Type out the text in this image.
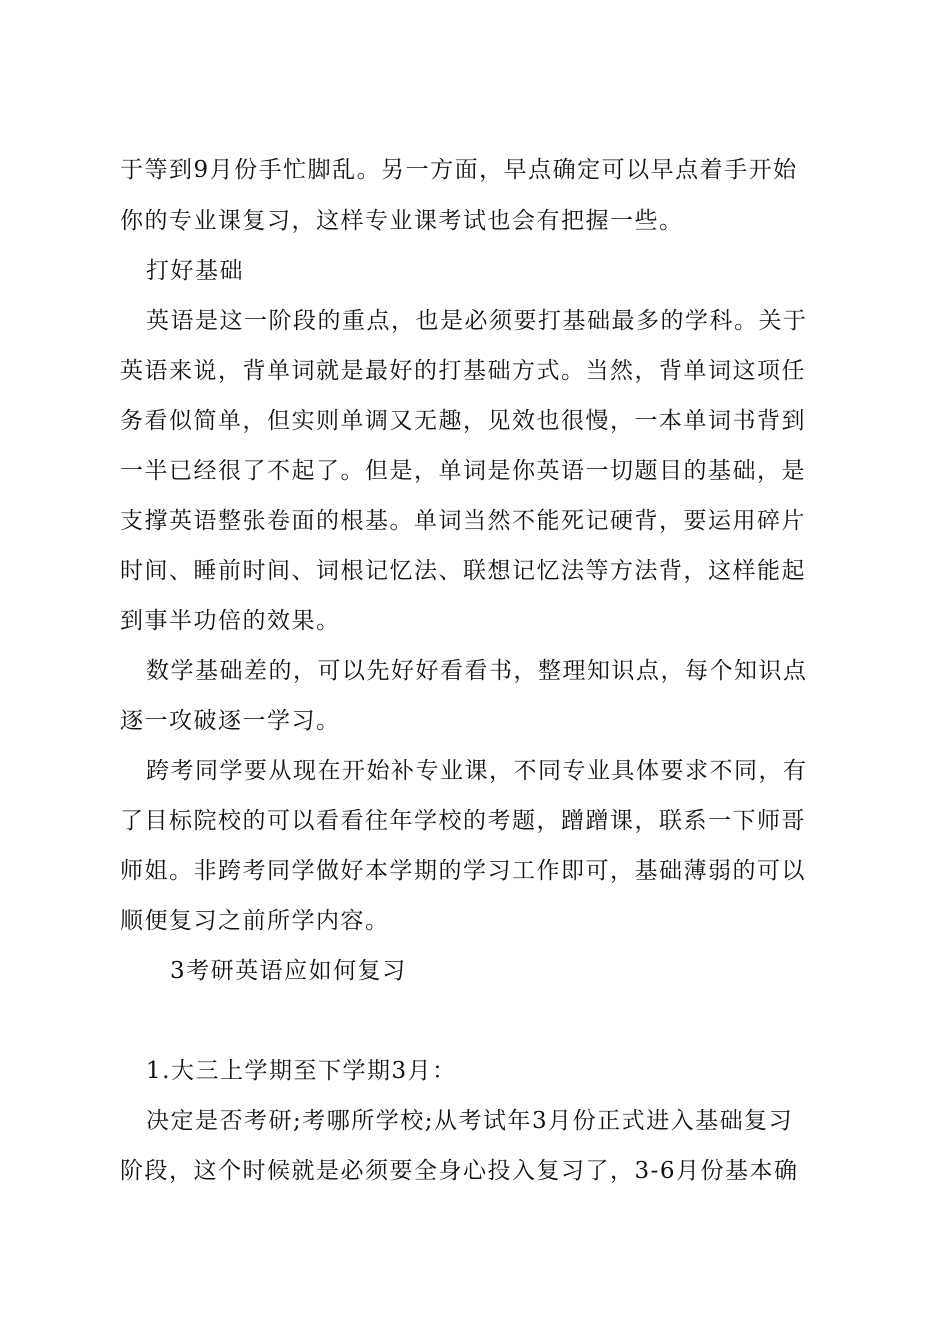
于等到9月份手忙脚乱。另一方面，早点确定可以早点着手开始
你的专业课复习，这样专业课考试也会有把握一些。
打好基础
英语是这一阶段的重点，也是必须要打基础最多的学科。关于
英语来说，背单词就是最好的打基础方式。当然，背单词这项任
务看似简单，但实则单调又无趣，见效也很慢，一本单词书背到
一半已经很了不起了。但是，单词是你英语一切题目的基础，是
支撑英语整张卷面的根基。单词当然不能死记硬背，要运用碎片
时间、睡前时间、词根记忆法、联想记忆法等方法背，这样能起
到事半功倍的效果。
数学基础差的，可以先好好看看书，整理知识点，每个知识点
逐一攻破逐一学习。
跨考同学要从现在开始补专业课，不同专业具体要求不同，有
了目标院校的可以看看往年学校的考题，蹭蹭课，联系一下师哥
师姐。非跨考同学做好本学期的学习工作即可，基础薄弱的可以
顺便复习之前所学内容。
3考研英语应如何复习
1.大三上学期至下学期3月：
决定是否考研;考哪所学校;从考试年3月份正式进入基础复习
阶段，这个时候就是必须要全身心投入复习了，3-6月份基本确
